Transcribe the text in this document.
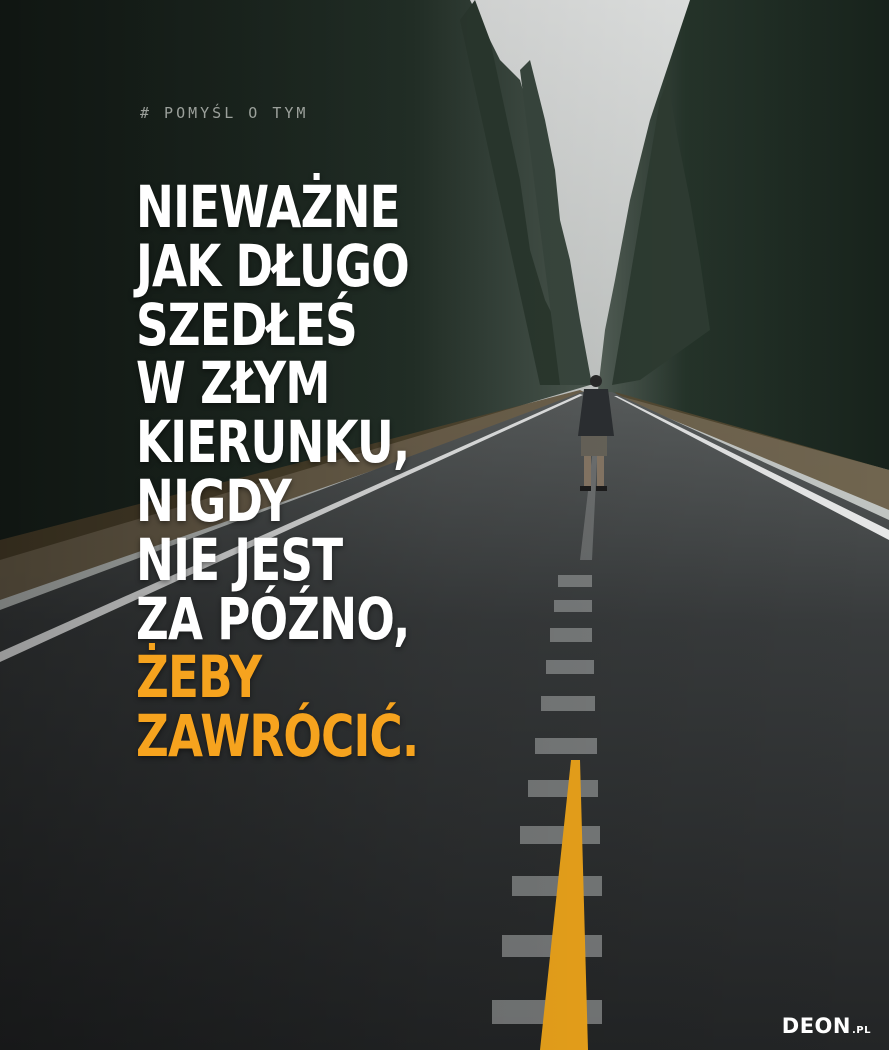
# POMYŚL O TYM
NIEWAŻNE
JAK DŁUGO
SZEDŁEŚ
W ZŁYM
KIERUNKU,
NIGDY
NIE JEST
ZA PÓŹNO,
ŻEBY
ZAWRÓCIĆ.
DEON.PL
